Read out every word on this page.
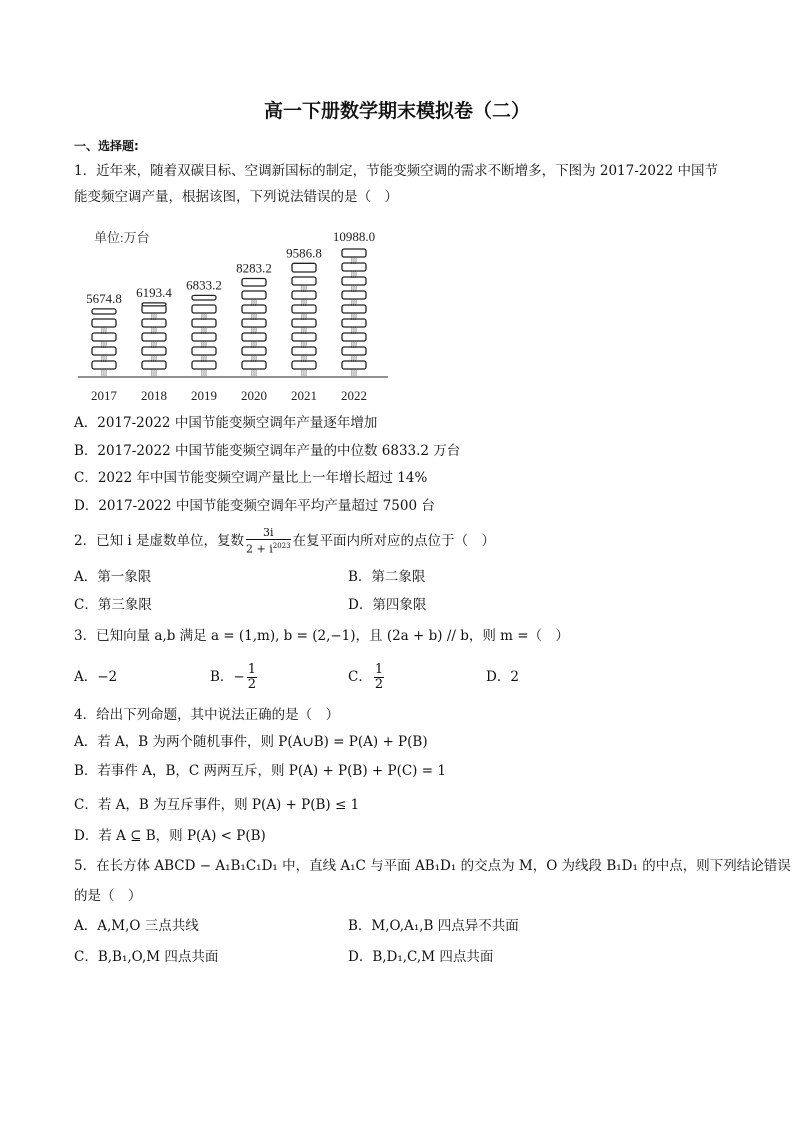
高一下册数学期末模拟卷（二）
一、选择题:
1．近年来，随着双碳目标、空调新国标的制定，节能变频空调的需求不断增多，下图为 2017-2022 中国节
能变频空调产量，根据该图，下列说法错误的是（　）
单位:万台
⸾⸾⸾
⸾⸾⸾
⸾⸾⸾
⸾⸾⸾
5674.8
⸾⸾⸾
⸾⸾⸾
⸾⸾⸾
⸾⸾⸾
⸾⸾⸾
6193.4
⸾⸾⸾
⸾⸾⸾
⸾⸾⸾
⸾⸾⸾
⸾⸾⸾
6833.2
⸾⸾⸾
⸾⸾⸾
⸾⸾⸾
⸾⸾⸾
⸾⸾⸾
⸾⸾⸾
8283.2
⸾⸾⸾
⸾⸾⸾
⸾⸾⸾
⸾⸾⸾
⸾⸾⸾
⸾⸾⸾
⸾⸾⸾
9586.8
⸾⸾⸾
⸾⸾⸾
⸾⸾⸾
⸾⸾⸾
⸾⸾⸾
⸾⸾⸾
⸾⸾⸾
⸾⸾⸾
⸾⸾⸾
10988.0
2017 2018 2019 2020 2021 2022
A．2017-2022 中国节能变频空调年产量逐年增加
B．2017-2022 中国节能变频空调年产量的中位数 6833.2 万台
C．2022 年中国节能变频空调产量比上一年增长超过 14%
D．2017-2022 中国节能变频空调年平均产量超过 7500 台
2．已知 i 是虚数单位，复数 $\frac{3i}{2 + i^{2023}}$ 在复平面内所对应的点位于（　）
A．第一象限	B．第二象限
C．第三象限	D．第四象限
3．已知向量 a,b 满足 a = (1,m), b = (2,−1)，且 (2a + b) // b，则 m =（　）
A．−2	B．− $\frac{1}{2}$	C． $\frac{1}{2}$	D．2
4．给出下列命题，其中说法正确的是（　）
A．若 A，B 为两个随机事件，则 P(A∪B) = P(A) + P(B)
B．若事件 A，B，C 两两互斥，则 P(A) + P(B) + P(C) = 1
C．若 A，B 为互斥事件，则 P(A) + P(B) ≤ 1
D．若 A ⊆ B，则 P(A) < P(B)
5．在长方体 ABCD − A₁B₁C₁D₁ 中，直线 A₁C 与平面 AB₁D₁ 的交点为 M，O 为线段 B₁D₁ 的中点，则下列结论错误
的是（　）
A．A,M,O 三点共线	B．M,O,A₁,B 四点异不共面
C．B,B₁,O,M 四点共面	D．B,D₁,C,M 四点共面
